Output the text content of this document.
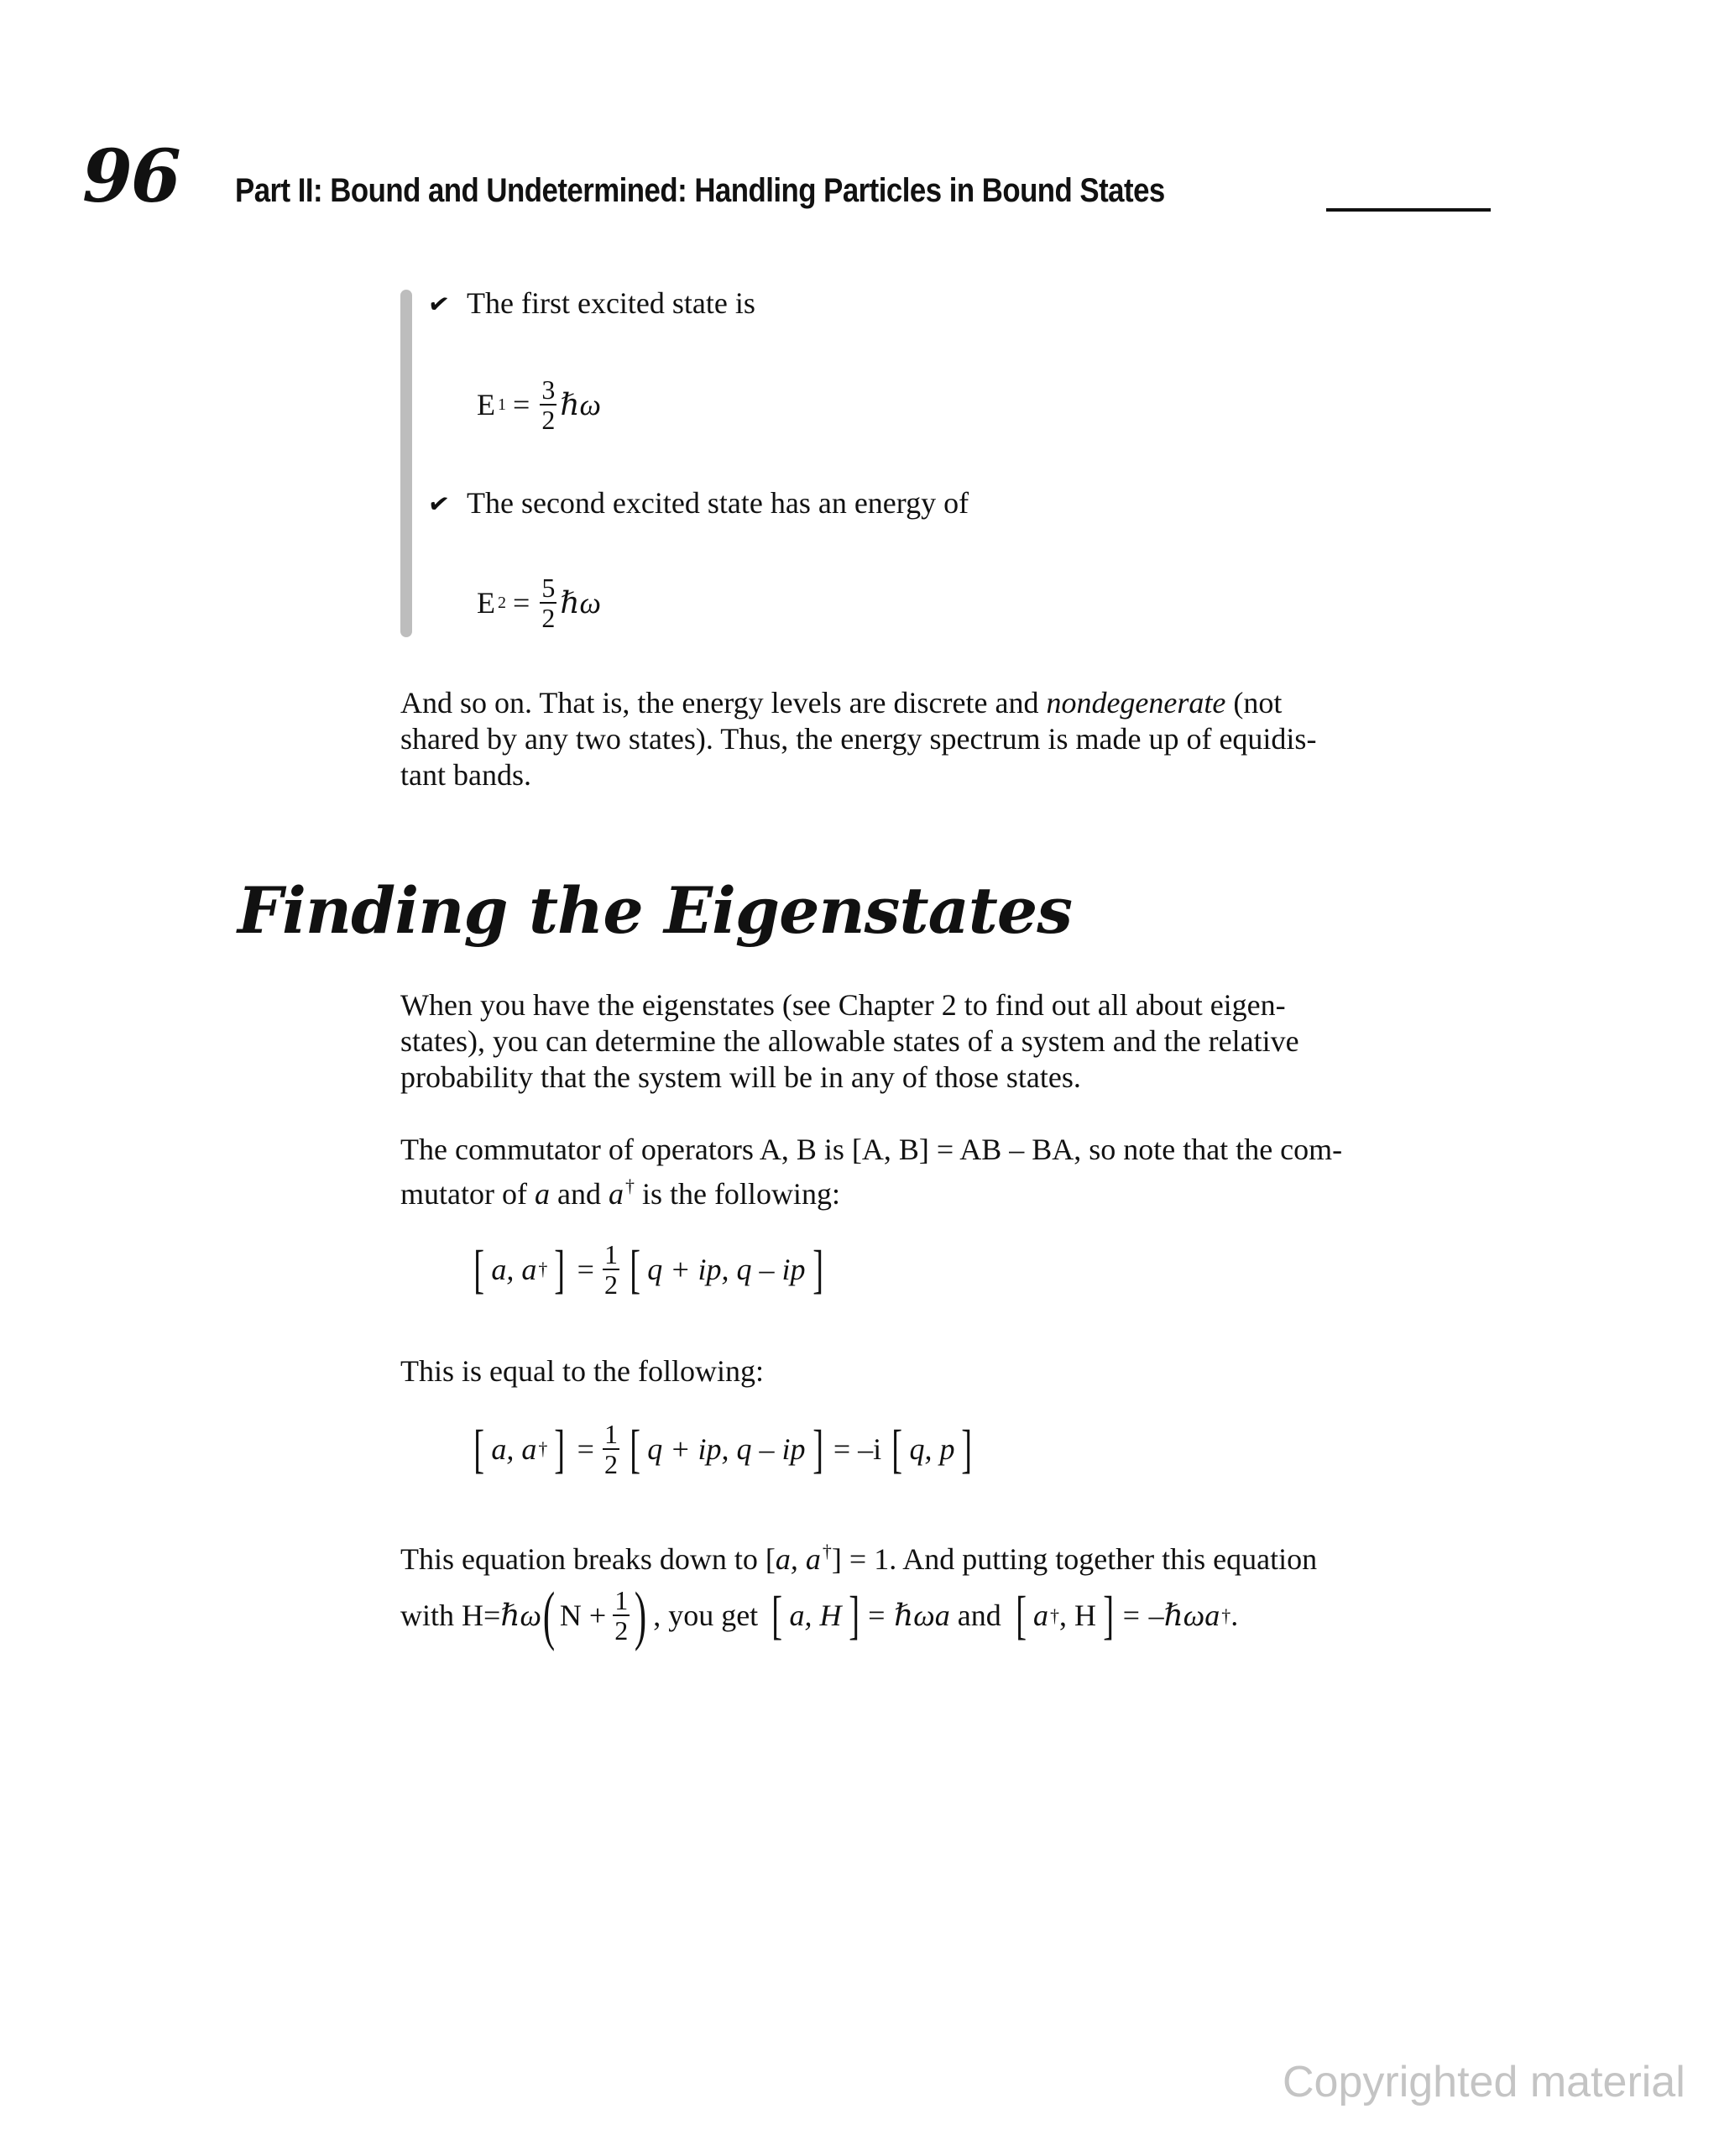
96 Part II: Bound and Undetermined: Handling Particles in Bound States
✔ The first excited state is
E $1 = \frac{3}{2}$ ℏω
✔ The second excited state has an energy of
E $2 = \frac{5}{2}$ ℏω

And so on. That is, the energy levels are discrete and nondegenerate (not
shared by any two states). Thus, the energy spectrum is made up of equidis-
tant bands.

Finding the Eigenstates

When you have the eigenstates (see Chapter 2 to find out all about eigen-
states), you can determine the allowable states of a system and the relative
probability that the system will be in any of those states.

The commutator of operators A, B is [A, B] = AB – BA, so note that the com-
mutator of a and a† is the following:

[ a, a † ] = $\frac{1}{2}$ [ q + ip, q – ip ]

This is equal to the following:

[ a, a † ] = $\frac{1}{2}$ [ q + ip, q – ip ] = –i [ q, p ]
This equation breaks down to [a, a†] = 1. And putting together this equation
with H= ℏω ( $N + \frac{1}{2}$ ) , you get [ a, H ] = ℏωa and [ a † , H ] = –ℏωa † .
Copyrighted material
